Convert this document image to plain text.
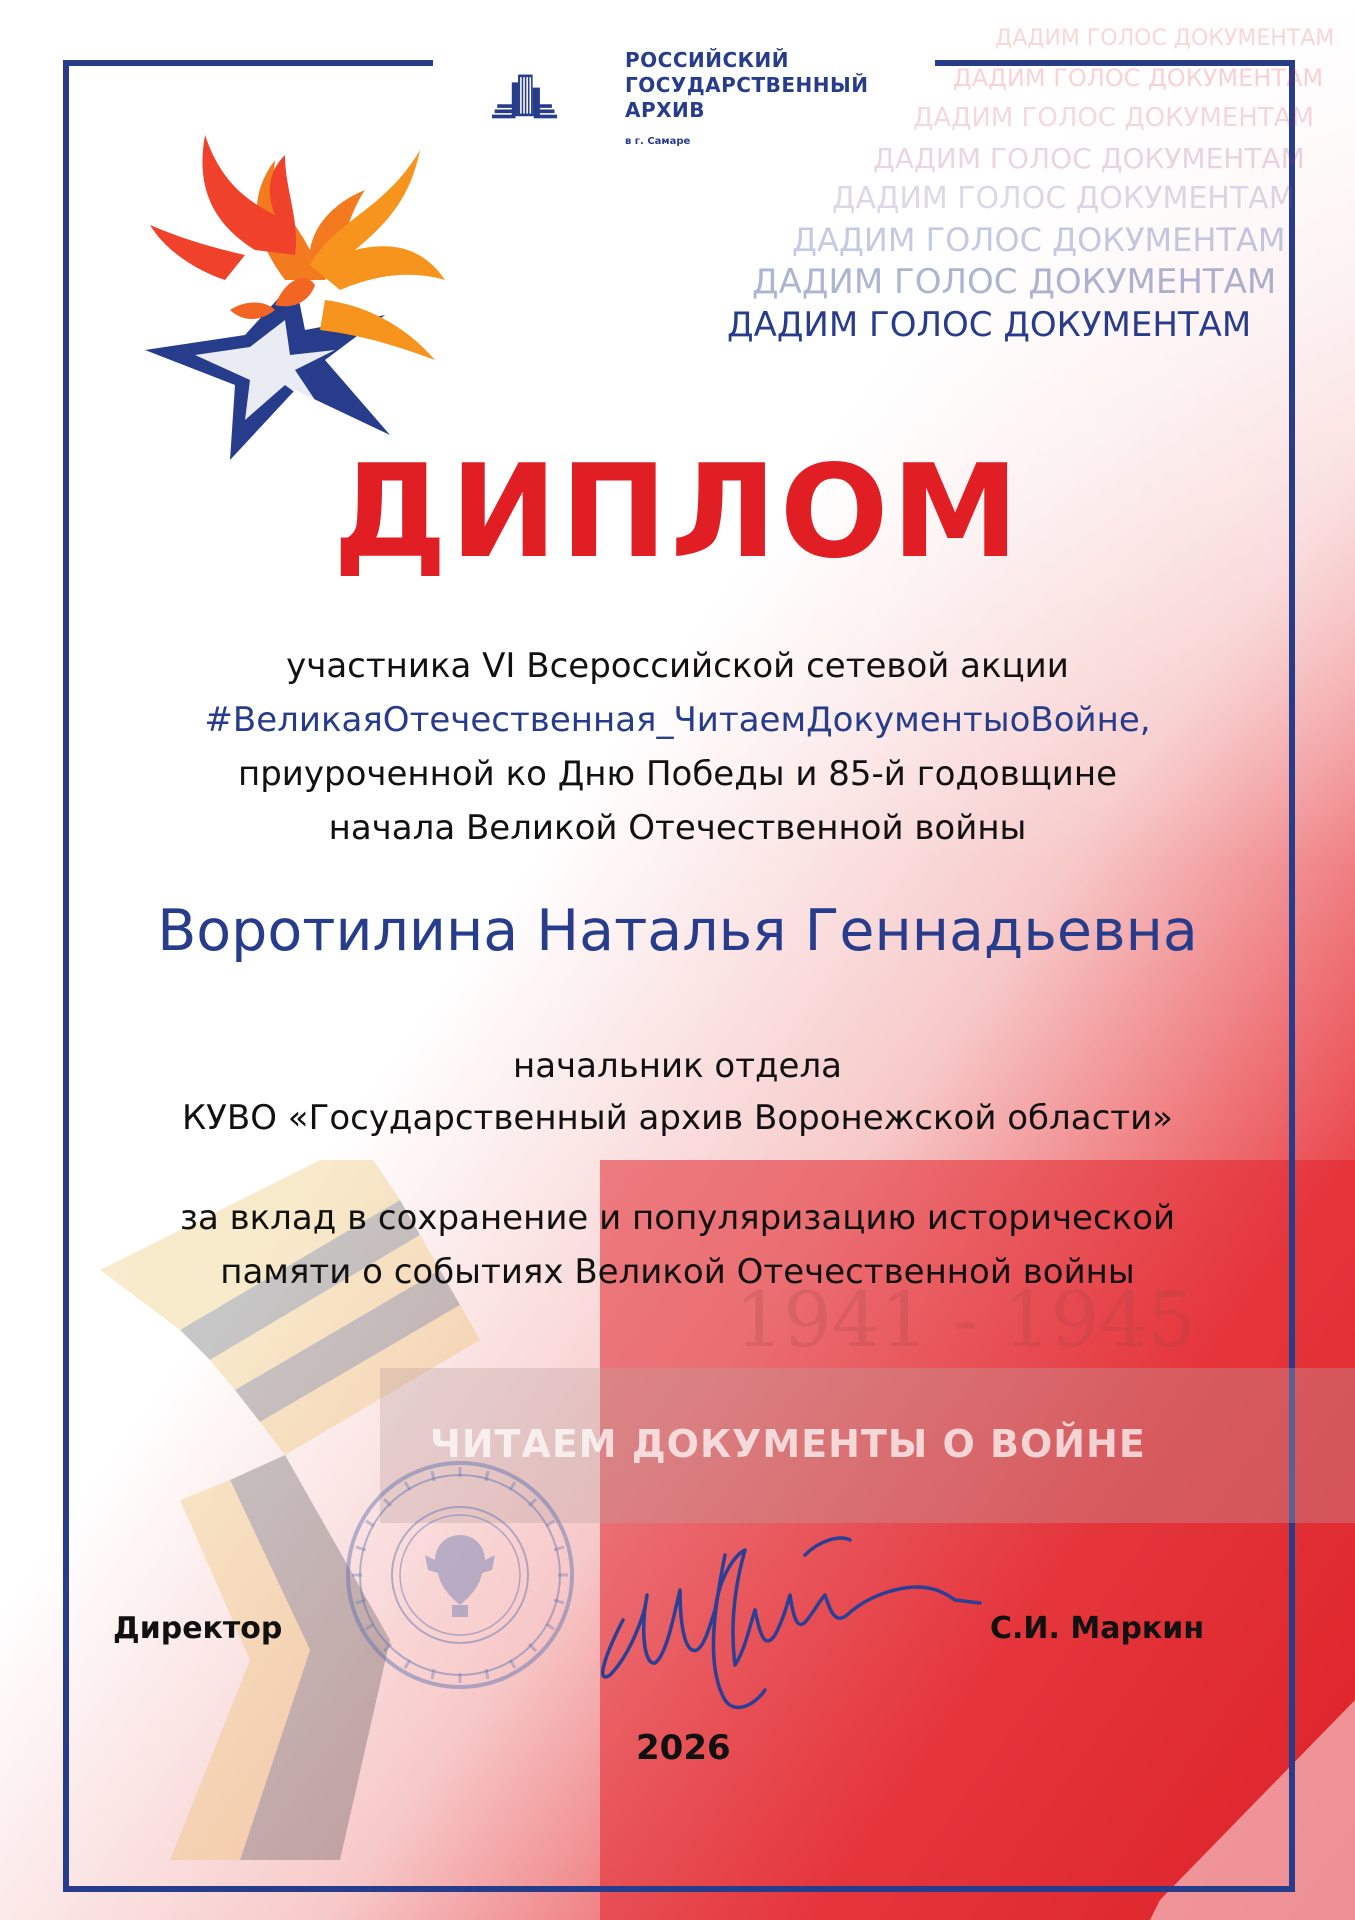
РОССИЙСКИЙ
ГОСУДАРСТВЕННЫЙ
АРХИВ
в г. Самаре
ДАДИМ ГОЛОС ДОКУМЕНТАМ
ДАДИМ ГОЛОС ДОКУМЕНТАМ
ДАДИМ ГОЛОС ДОКУМЕНТАМ
ДАДИМ ГОЛОС ДОКУМЕНТАМ
ДАДИМ ГОЛОС ДОКУМЕНТАМ
ДАДИМ ГОЛОС ДОКУМЕНТАМ
ДАДИМ ГОЛОС ДОКУМЕНТАМ
ДАДИМ ГОЛОС ДОКУМЕНТАМ
ДИПЛОМ
участника VI Всероссийской сетевой акции
#ВеликаяОтечественная_ЧитаемДокументыоВойне,
приуроченной ко Дню Победы и 85-й годовщине
начала Великой Отечественной войны
Воротилина Наталья Геннадьевна
начальник отдела
КУВО «Государственный архив Воронежской области»
за вклад в сохранение и популяризацию исторической
памяти о событиях Великой Отечественной войны
1941 - 1945
ЧИТАЕМ ДОКУМЕНТЫ О ВОЙНЕ
Директор	С.И. Маркин
2026
